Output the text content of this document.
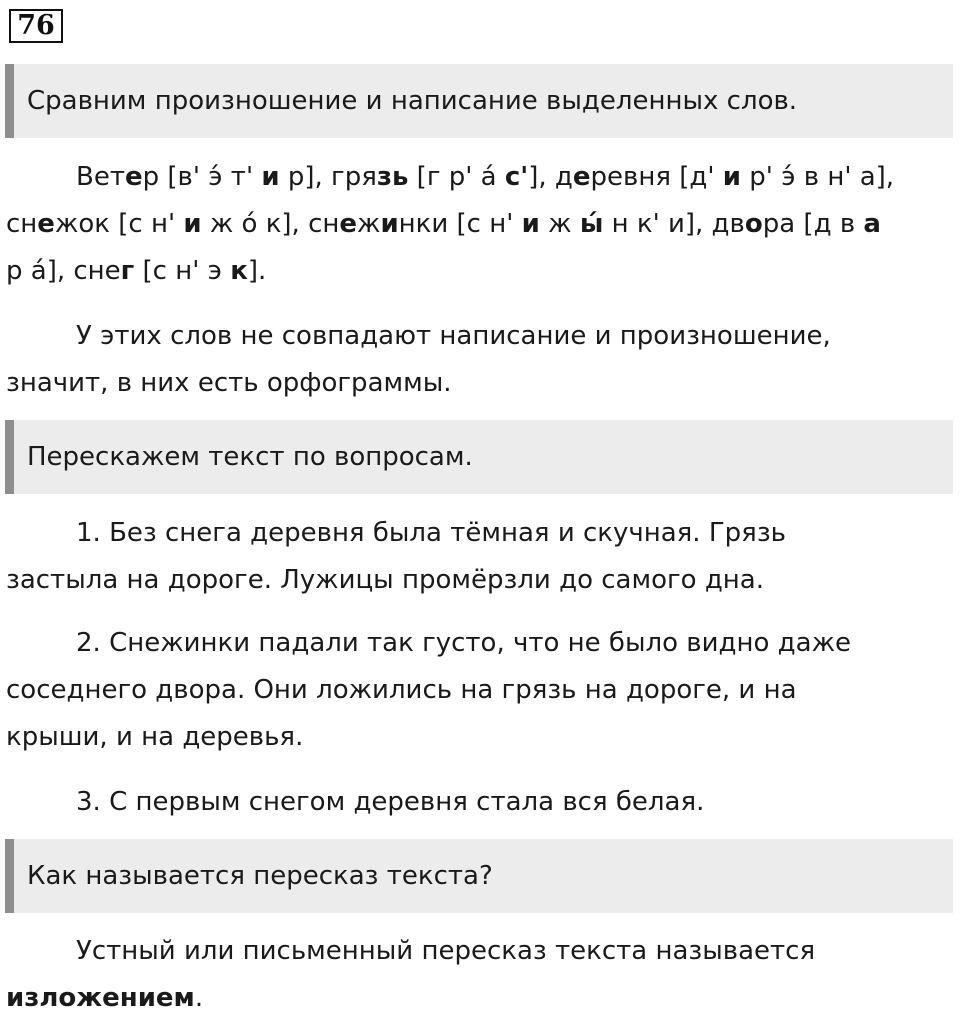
76
Сравним произношение и написание выделенных слов.
Ветер [в' э́ т' и р], грязь [г р' а́ с'], деревня [д' и р' э́ в н' а],
снежок [с н' и ж о́ к], снежинки [с н' и ж ы́ н к' и], двора [д в а
р а́], снег [с н' э к].
У этих слов не совпадают написание и произношение,
значит, в них есть орфограммы.
Перескажем текст по вопросам.
1. Без снега деревня была тёмная и скучная. Грязь
застыла на дороге. Лужицы промёрзли до самого дна.
2. Снежинки падали так густо, что не было видно даже
соседнего двора. Они ложились на грязь на дороге, и на
крыши, и на деревья.
3. С первым снегом деревня стала вся белая.
Как называется пересказ текста?
Устный или письменный пересказ текста называется
изложением.
